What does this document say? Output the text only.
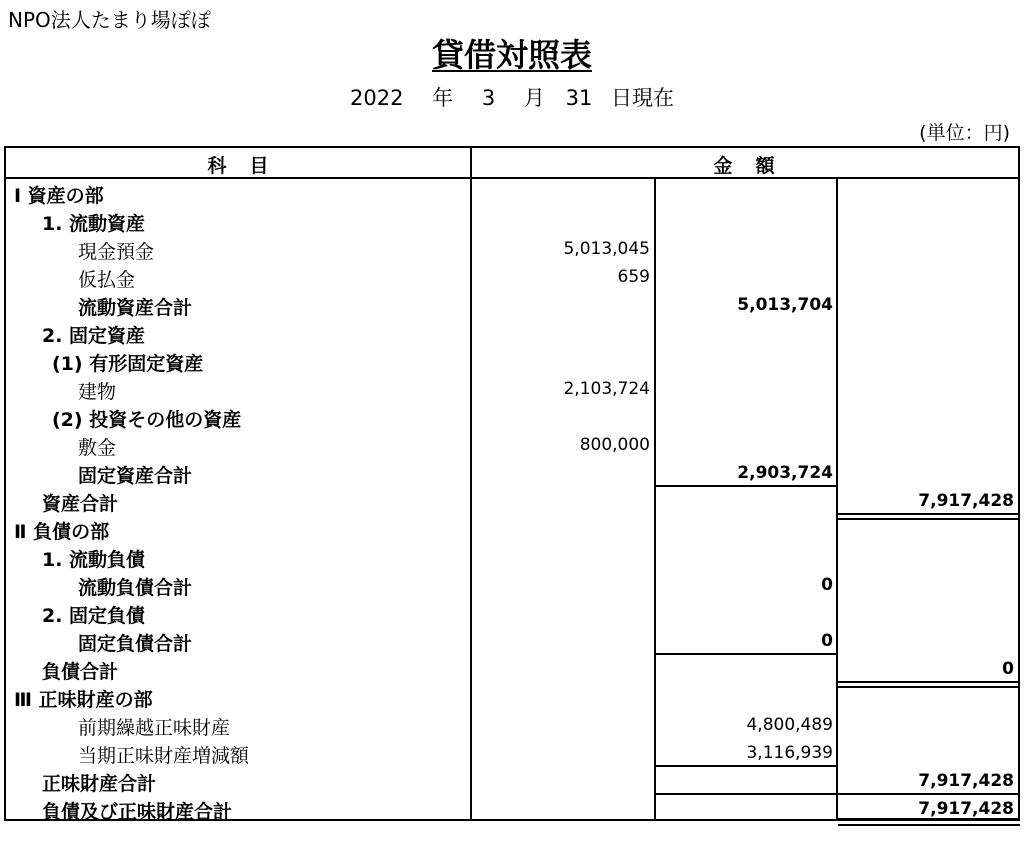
NPO法人たまり場ぽぽ
貸借対照表
2022 年 3 月 31 日現在
(単位：円)
科　目	金　額
Ⅰ 資産の部
1. 流動資産
現金預金	5,013,045
仮払金	659
流動資産合計	5,013,704
2. 固定資産
(1) 有形固定資産
建物	2,103,724
(2) 投資その他の資産
敷金	800,000
固定資産合計	2,903,724
資産合計	7,917,428
Ⅱ 負債の部
1. 流動負債
流動負債合計	0
2. 固定負債
固定負債合計	0
負債合計	0
Ⅲ 正味財産の部
前期繰越正味財産	4,800,489
当期正味財産増減額	3,116,939
正味財産合計	7,917,428
負債及び正味財産合計	7,917,428
